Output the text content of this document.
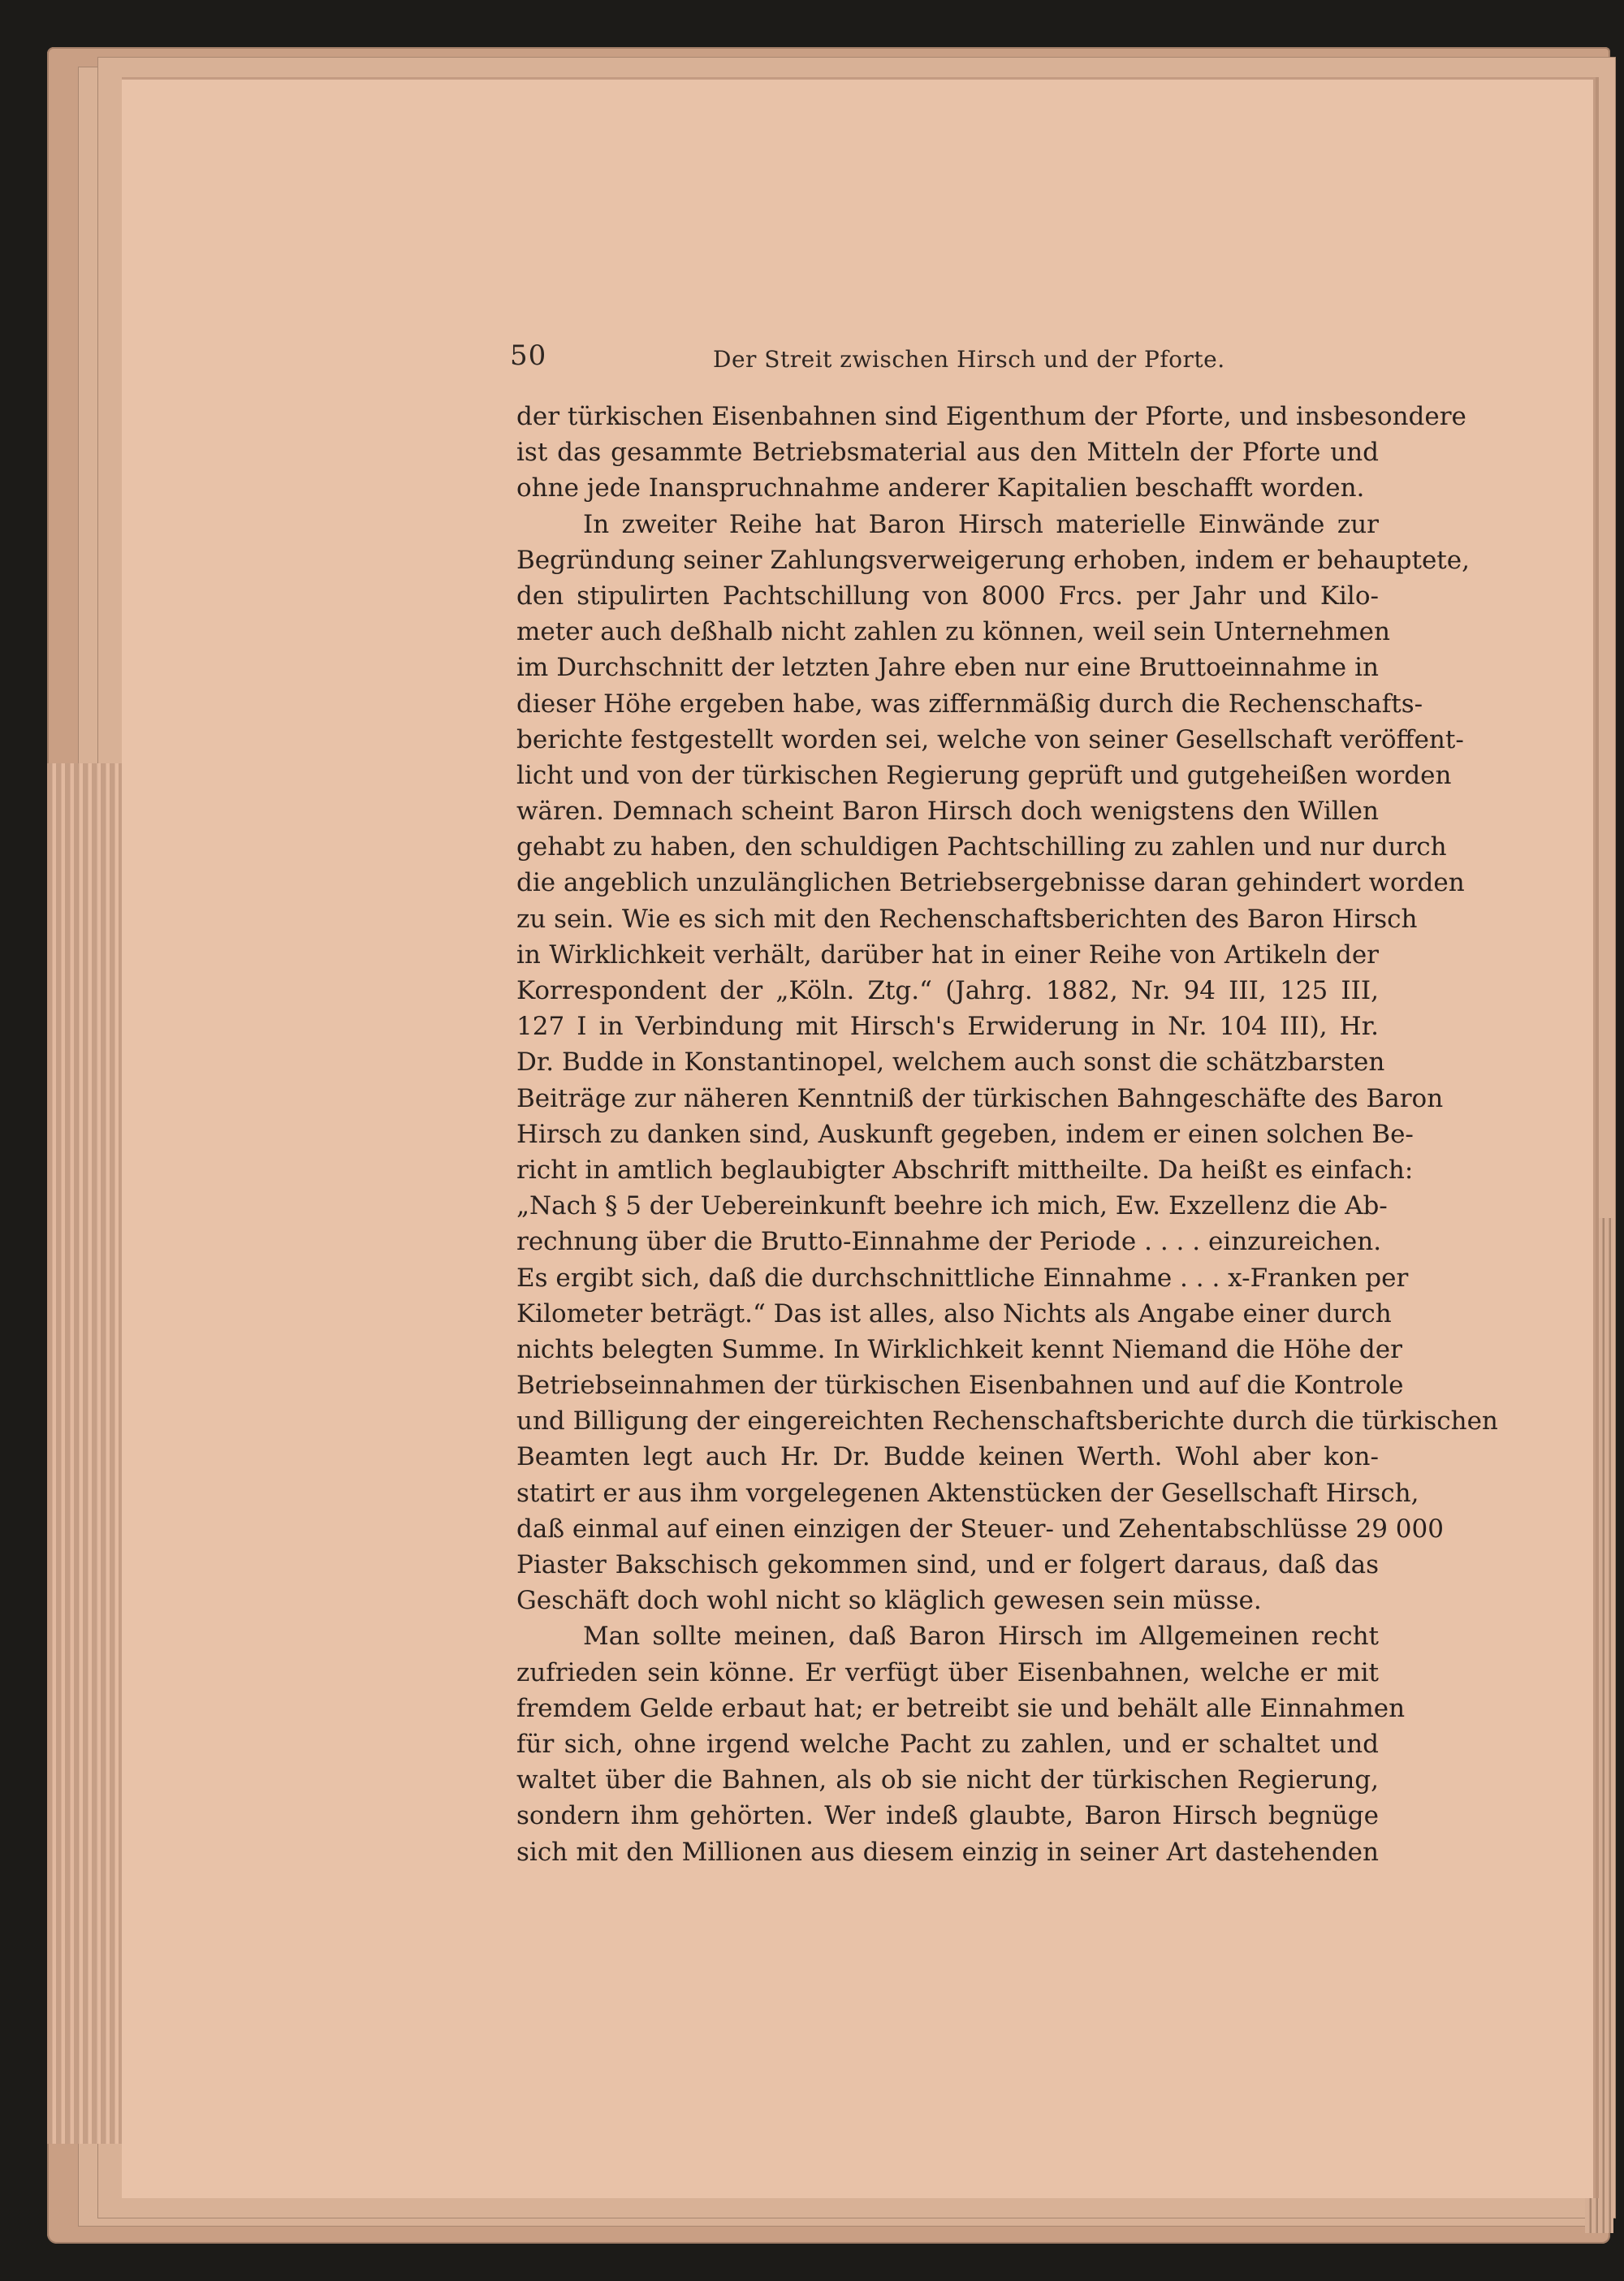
50	Der Streit zwischen Hirsch und der Pforte.
der türkischen Eisenbahnen sind Eigenthum der Pforte, und insbesondere
ist das gesammte Betriebsmaterial aus den Mitteln der Pforte und
ohne jede Inanspruchnahme anderer Kapitalien beschafft worden.
In zweiter Reihe hat Baron Hirsch materielle Einwände zur
Begründung seiner Zahlungsverweigerung erhoben, indem er behauptete,
den stipulirten Pachtschillung von 8000 Frcs. per Jahr und Kilo-
meter auch deßhalb nicht zahlen zu können, weil sein Unternehmen
im Durchschnitt der letzten Jahre eben nur eine Bruttoeinnahme in
dieser Höhe ergeben habe, was ziffernmäßig durch die Rechenschafts-
berichte festgestellt worden sei, welche von seiner Gesellschaft veröffent-
licht und von der türkischen Regierung geprüft und gutgeheißen worden
wären. Demnach scheint Baron Hirsch doch wenigstens den Willen
gehabt zu haben, den schuldigen Pachtschilling zu zahlen und nur durch
die angeblich unzulänglichen Betriebsergebnisse daran gehindert worden
zu sein. Wie es sich mit den Rechenschaftsberichten des Baron Hirsch
in Wirklichkeit verhält, darüber hat in einer Reihe von Artikeln der
Korrespondent der „Köln. Ztg.“ (Jahrg. 1882, Nr. 94 III, 125 III,
127 I in Verbindung mit Hirsch's Erwiderung in Nr. 104 III), Hr.
Dr. Budde in Konstantinopel, welchem auch sonst die schätzbarsten
Beiträge zur näheren Kenntniß der türkischen Bahngeschäfte des Baron
Hirsch zu danken sind, Auskunft gegeben, indem er einen solchen Be-
richt in amtlich beglaubigter Abschrift mittheilte. Da heißt es einfach:
„Nach § 5 der Uebereinkunft beehre ich mich, Ew. Exzellenz die Ab-
rechnung über die Brutto-Einnahme der Periode . . . . einzureichen.
Es ergibt sich, daß die durchschnittliche Einnahme . . . x-Franken per
Kilometer beträgt.“ Das ist alles, also Nichts als Angabe einer durch
nichts belegten Summe. In Wirklichkeit kennt Niemand die Höhe der
Betriebseinnahmen der türkischen Eisenbahnen und auf die Kontrole
und Billigung der eingereichten Rechenschaftsberichte durch die türkischen
Beamten legt auch Hr. Dr. Budde keinen Werth. Wohl aber kon-
statirt er aus ihm vorgelegenen Aktenstücken der Gesellschaft Hirsch,
daß einmal auf einen einzigen der Steuer- und Zehentabschlüsse 29 000
Piaster Bakschisch gekommen sind, und er folgert daraus, daß das
Geschäft doch wohl nicht so kläglich gewesen sein müsse.
Man sollte meinen, daß Baron Hirsch im Allgemeinen recht
zufrieden sein könne. Er verfügt über Eisenbahnen, welche er mit
fremdem Gelde erbaut hat; er betreibt sie und behält alle Einnahmen
für sich, ohne irgend welche Pacht zu zahlen, und er schaltet und
waltet über die Bahnen, als ob sie nicht der türkischen Regierung,
sondern ihm gehörten. Wer indeß glaubte, Baron Hirsch begnüge
sich mit den Millionen aus diesem einzig in seiner Art dastehenden
